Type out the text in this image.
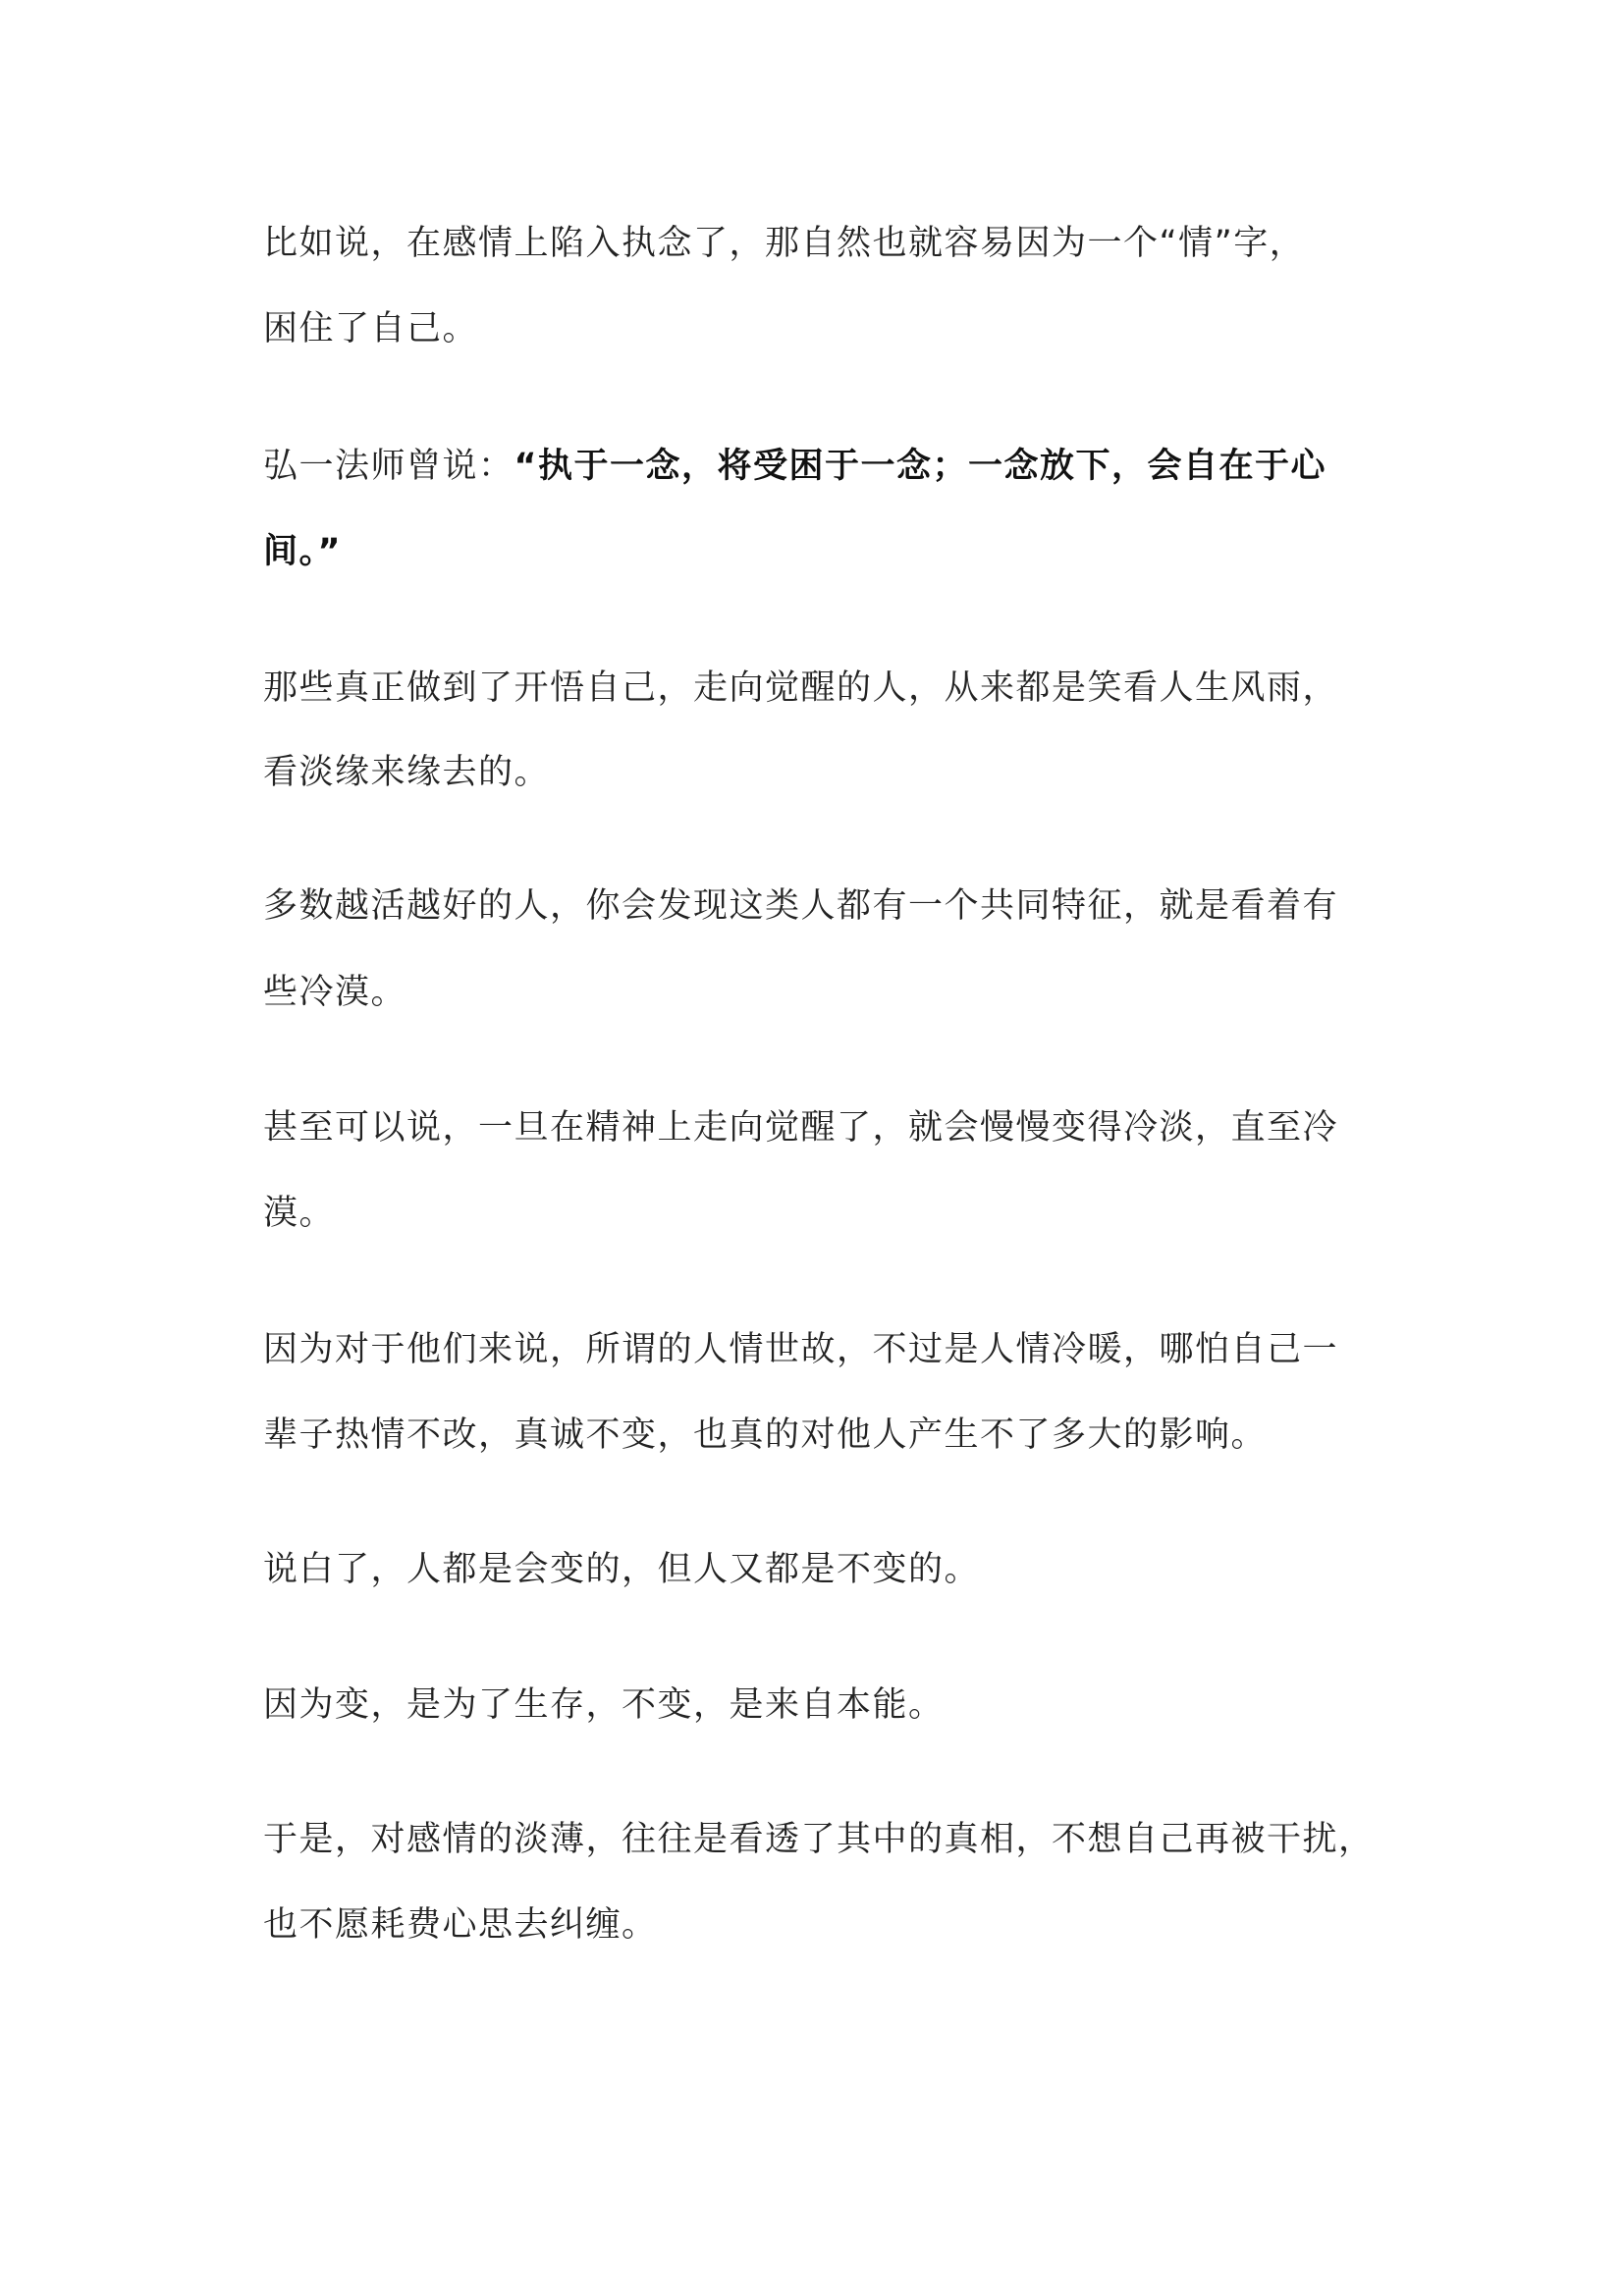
比如说，在感情上陷入执念了，那自然也就容易因为一个“情”字，
困住了自己。
弘一法师曾说：“执于一念，将受困于一念；一念放下，会自在于心
间。”
那些真正做到了开悟自己，走向觉醒的人，从来都是笑看人生风雨，
看淡缘来缘去的。
多数越活越好的人，你会发现这类人都有一个共同特征，就是看着有
些冷漠。
甚至可以说，一旦在精神上走向觉醒了，就会慢慢变得冷淡，直至冷
漠。
因为对于他们来说，所谓的人情世故，不过是人情冷暖，哪怕自己一
辈子热情不改，真诚不变，也真的对他人产生不了多大的影响。
说白了，人都是会变的，但人又都是不变的。
因为变，是为了生存，不变，是来自本能。
于是，对感情的淡薄，往往是看透了其中的真相，不想自己再被干扰，
也不愿耗费心思去纠缠。
